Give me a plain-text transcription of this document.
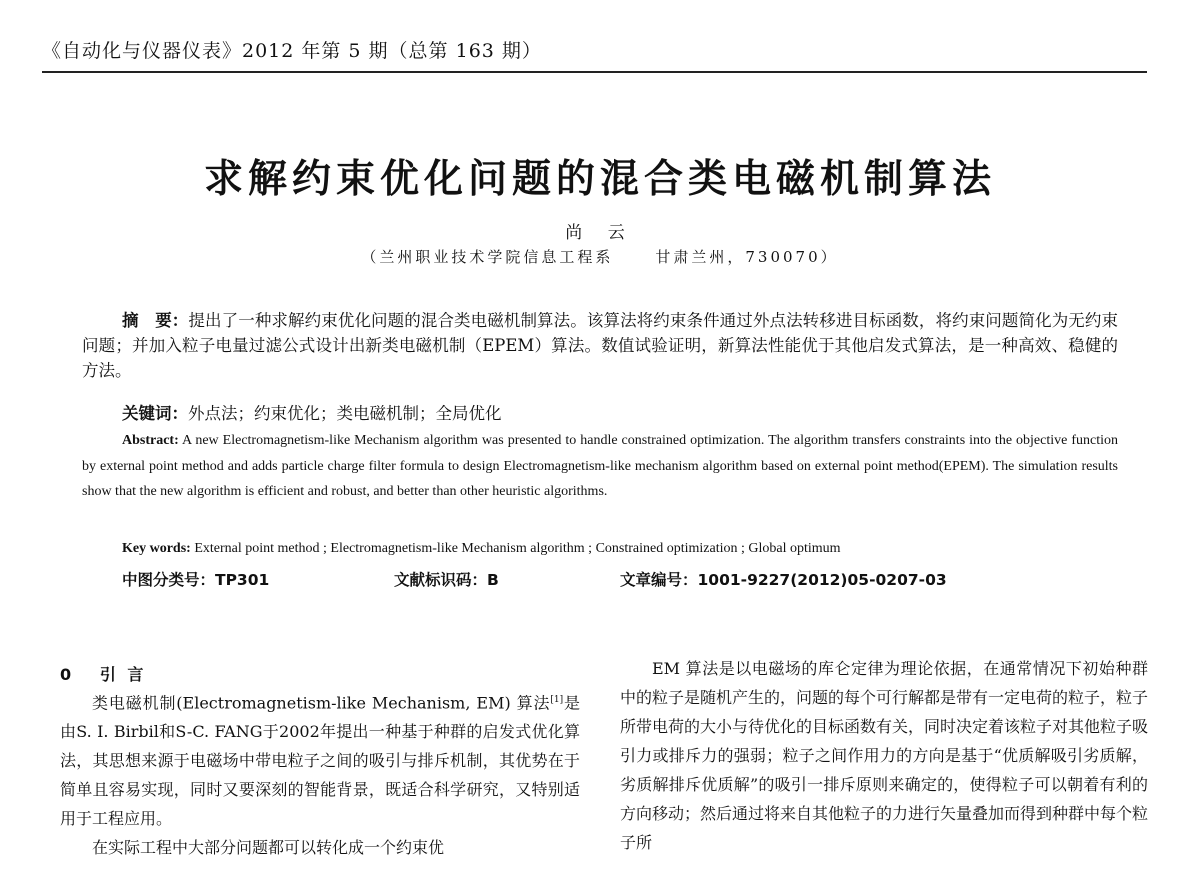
《自动化与仪器仪表》2012 年第 5 期（总第 163 期）
求解约束优化问题的混合类电磁机制算法
尚 云
（兰州职业技术学院信息工程系	甘肃兰州，730070）
摘　要：提出了一种求解约束优化问题的混合类电磁机制算法。该算法将约束条件通过外点法转移进目标函数，将约束问题简化为无约束问题；并加入粒子电量过滤公式设计出新类电磁机制（EPEM）算法。数值试验证明，新算法性能优于其他启发式算法，是一种高效、稳健的方法。
关键词：外点法；约束优化；类电磁机制；全局优化
Abstract: A new Electromagnetism-like Mechanism algorithm was presented to handle constrained optimization. The algorithm transfers constraints into the objective function by external point method and adds particle charge filter formula to design Electromagnetism-like mechanism algorithm based on external point method(EPEM). The simulation results show that the new algorithm is efficient and robust, and better than other heuristic algorithms.
Key words: External point method ; Electromagnetism-like Mechanism algorithm ; Constrained optimization ; Global optimum
中图分类号：TP301	文献标识码：B	文章编号：1001-9227(2012)05-0207-03
0 引 言

类电磁机制(Electromagnetism-like Mechanism, EM) 算法[1]是由S. I. Birbil和S-C. FANG于2002年提出一种基于种群的启发式优化算法，其思想来源于电磁场中带电粒子之间的吸引与排斥机制，其优势在于简单且容易实现，同时又要深刻的智能背景，既适合科学研究，又特别适用于工程应用。

在实际工程中大部分问题都可以转化成一个约束优

EM 算法是以电磁场的库仑定律为理论依据，在通常情况下初始种群中的粒子是随机产生的，问题的每个可行解都是带有一定电荷的粒子，粒子所带电荷的大小与待优化的目标函数有关，同时决定着该粒子对其他粒子吸引力或排斥力的强弱；粒子之间作用力的方向是基于“优质解吸引劣质解，劣质解排斥优质解”的吸引一排斥原则来确定的，使得粒子可以朝着有利的方向移动；然后通过将来自其他粒子的力进行矢量叠加而得到种群中每个粒子所
